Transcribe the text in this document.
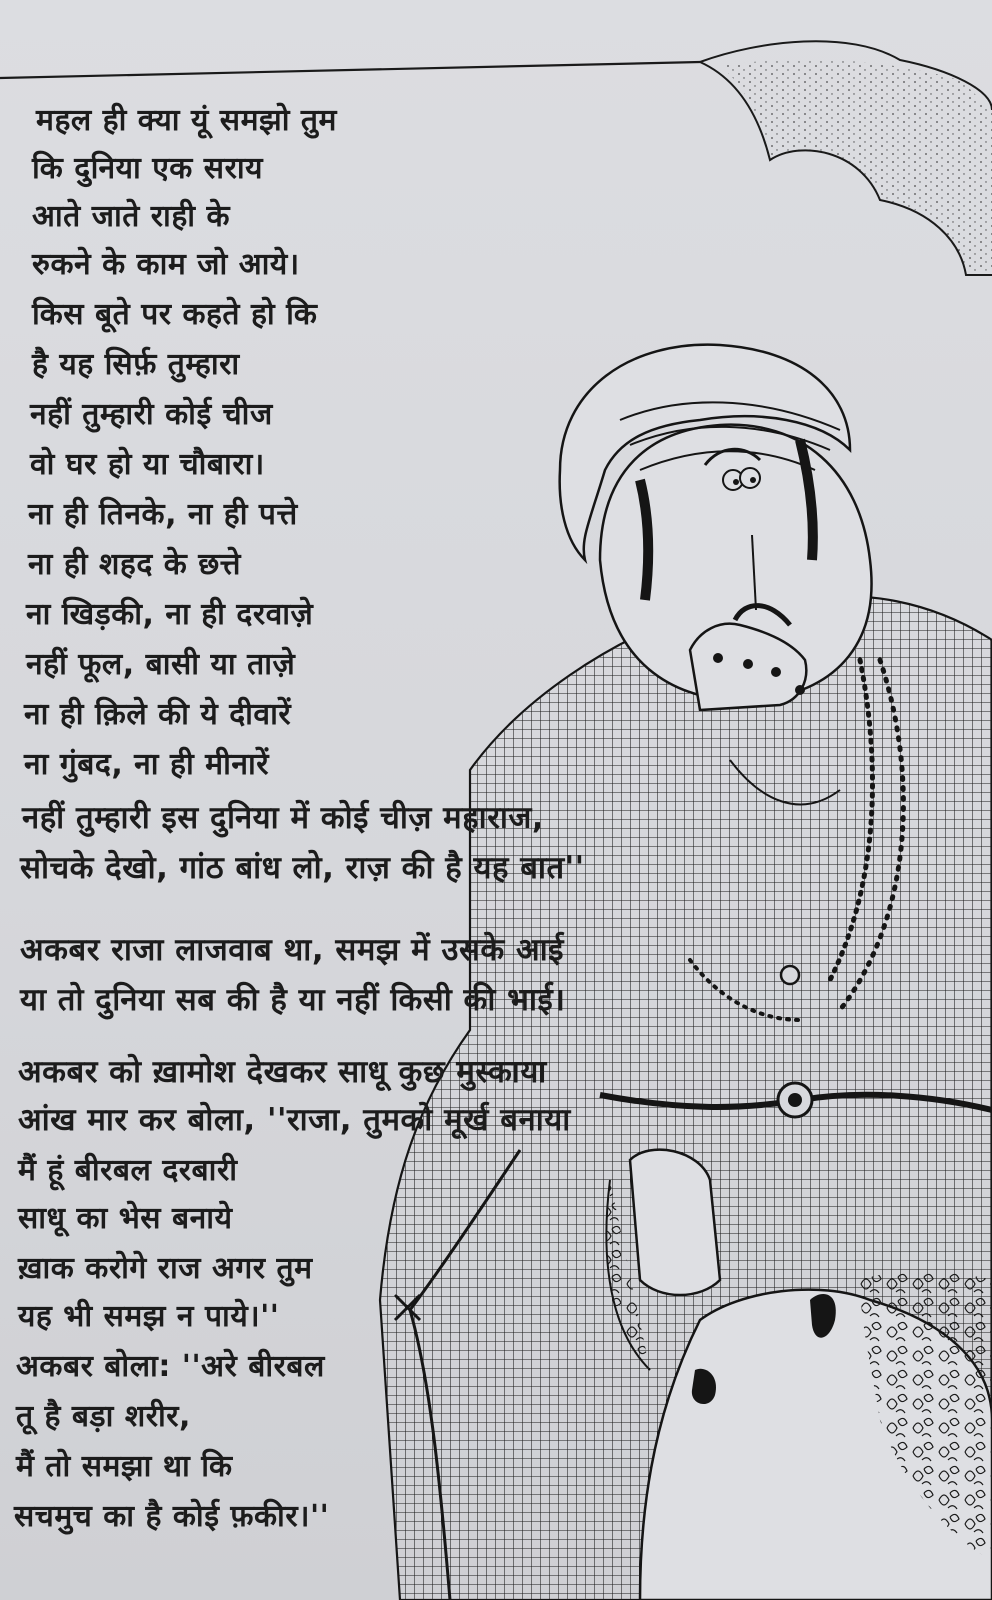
महल ही क्या यूं समझो तुम

कि दुनिया एक सराय

आते जाते राही के

रुकने के काम जो आये।

किस बूते पर कहते हो कि

है यह सिर्फ़ तुम्हारा

नहीं तुम्हारी कोई चीज

वो घर हो या चौबारा।

ना ही तिनके, ना ही पत्ते

ना ही शहद के छत्ते

ना खिड़की, ना ही दरवाज़े

नहीं फूल, बासी या ताज़े

ना ही क़िले की ये दीवारें

ना गुंबद, ना ही मीनारें

नहीं तुम्हारी इस दुनिया में कोई चीज़ महाराज,

सोचके देखो, गांठ बांध लो, राज़ की है यह बात''

अकबर राजा लाजवाब था, समझ में उसके आई

या तो दुनिया सब की है या नहीं किसी की भाई।

अकबर को ख़ामोश देखकर साधू कुछ मुस्काया

आंख मार कर बोला, ''राजा, तुमको मूर्ख बनाया

मैं हूं बीरबल दरबारी

साधू का भेस बनाये

ख़ाक करोगे राज अगर तुम

यह भी समझ न पाये।''

अकबर बोला: ''अरे बीरबल

तू है बड़ा शरीर,

मैं तो समझा था कि

सचमुच का है कोई फ़कीर।''
